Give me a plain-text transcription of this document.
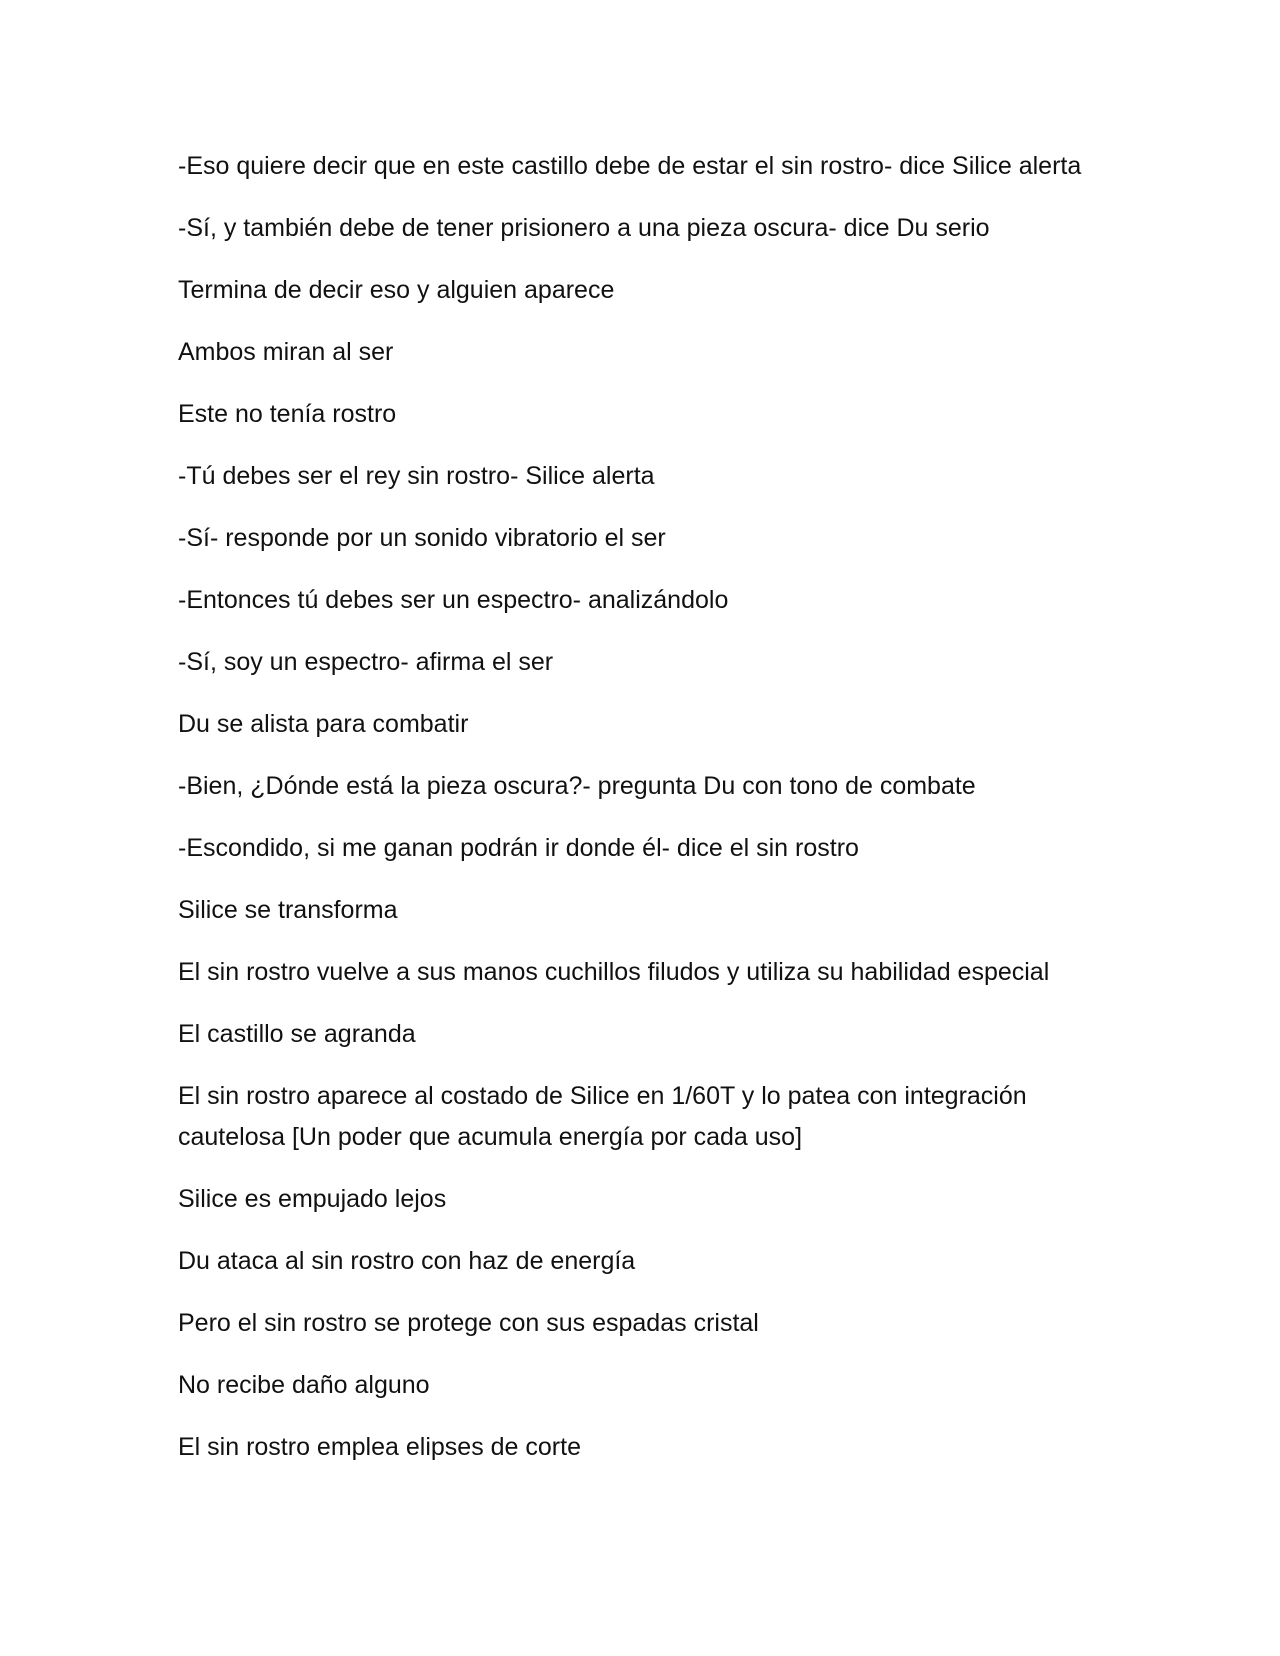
-Eso quiere decir que en este castillo debe de estar el sin rostro- dice Silice alerta

-Sí, y también debe de tener prisionero a una pieza oscura- dice Du serio

Termina de decir eso y alguien aparece

Ambos miran al ser

Este no tenía rostro

-Tú debes ser el rey sin rostro- Silice alerta

-Sí- responde por un sonido vibratorio el ser

-Entonces tú debes ser un espectro- analizándolo

-Sí, soy un espectro- afirma el ser

Du se alista para combatir

-Bien, ¿Dónde está la pieza oscura?- pregunta Du con tono de combate

-Escondido, si me ganan podrán ir donde él- dice el sin rostro

Silice se transforma

El sin rostro vuelve a sus manos cuchillos filudos y utiliza su habilidad especial

El castillo se agranda

El sin rostro aparece al costado de Silice en 1/60T y lo patea con integración cautelosa [Un poder que acumula energía por cada uso]

Silice es empujado lejos

Du ataca al sin rostro con haz de energía

Pero el sin rostro se protege con sus espadas cristal

No recibe daño alguno

El sin rostro emplea elipses de corte
